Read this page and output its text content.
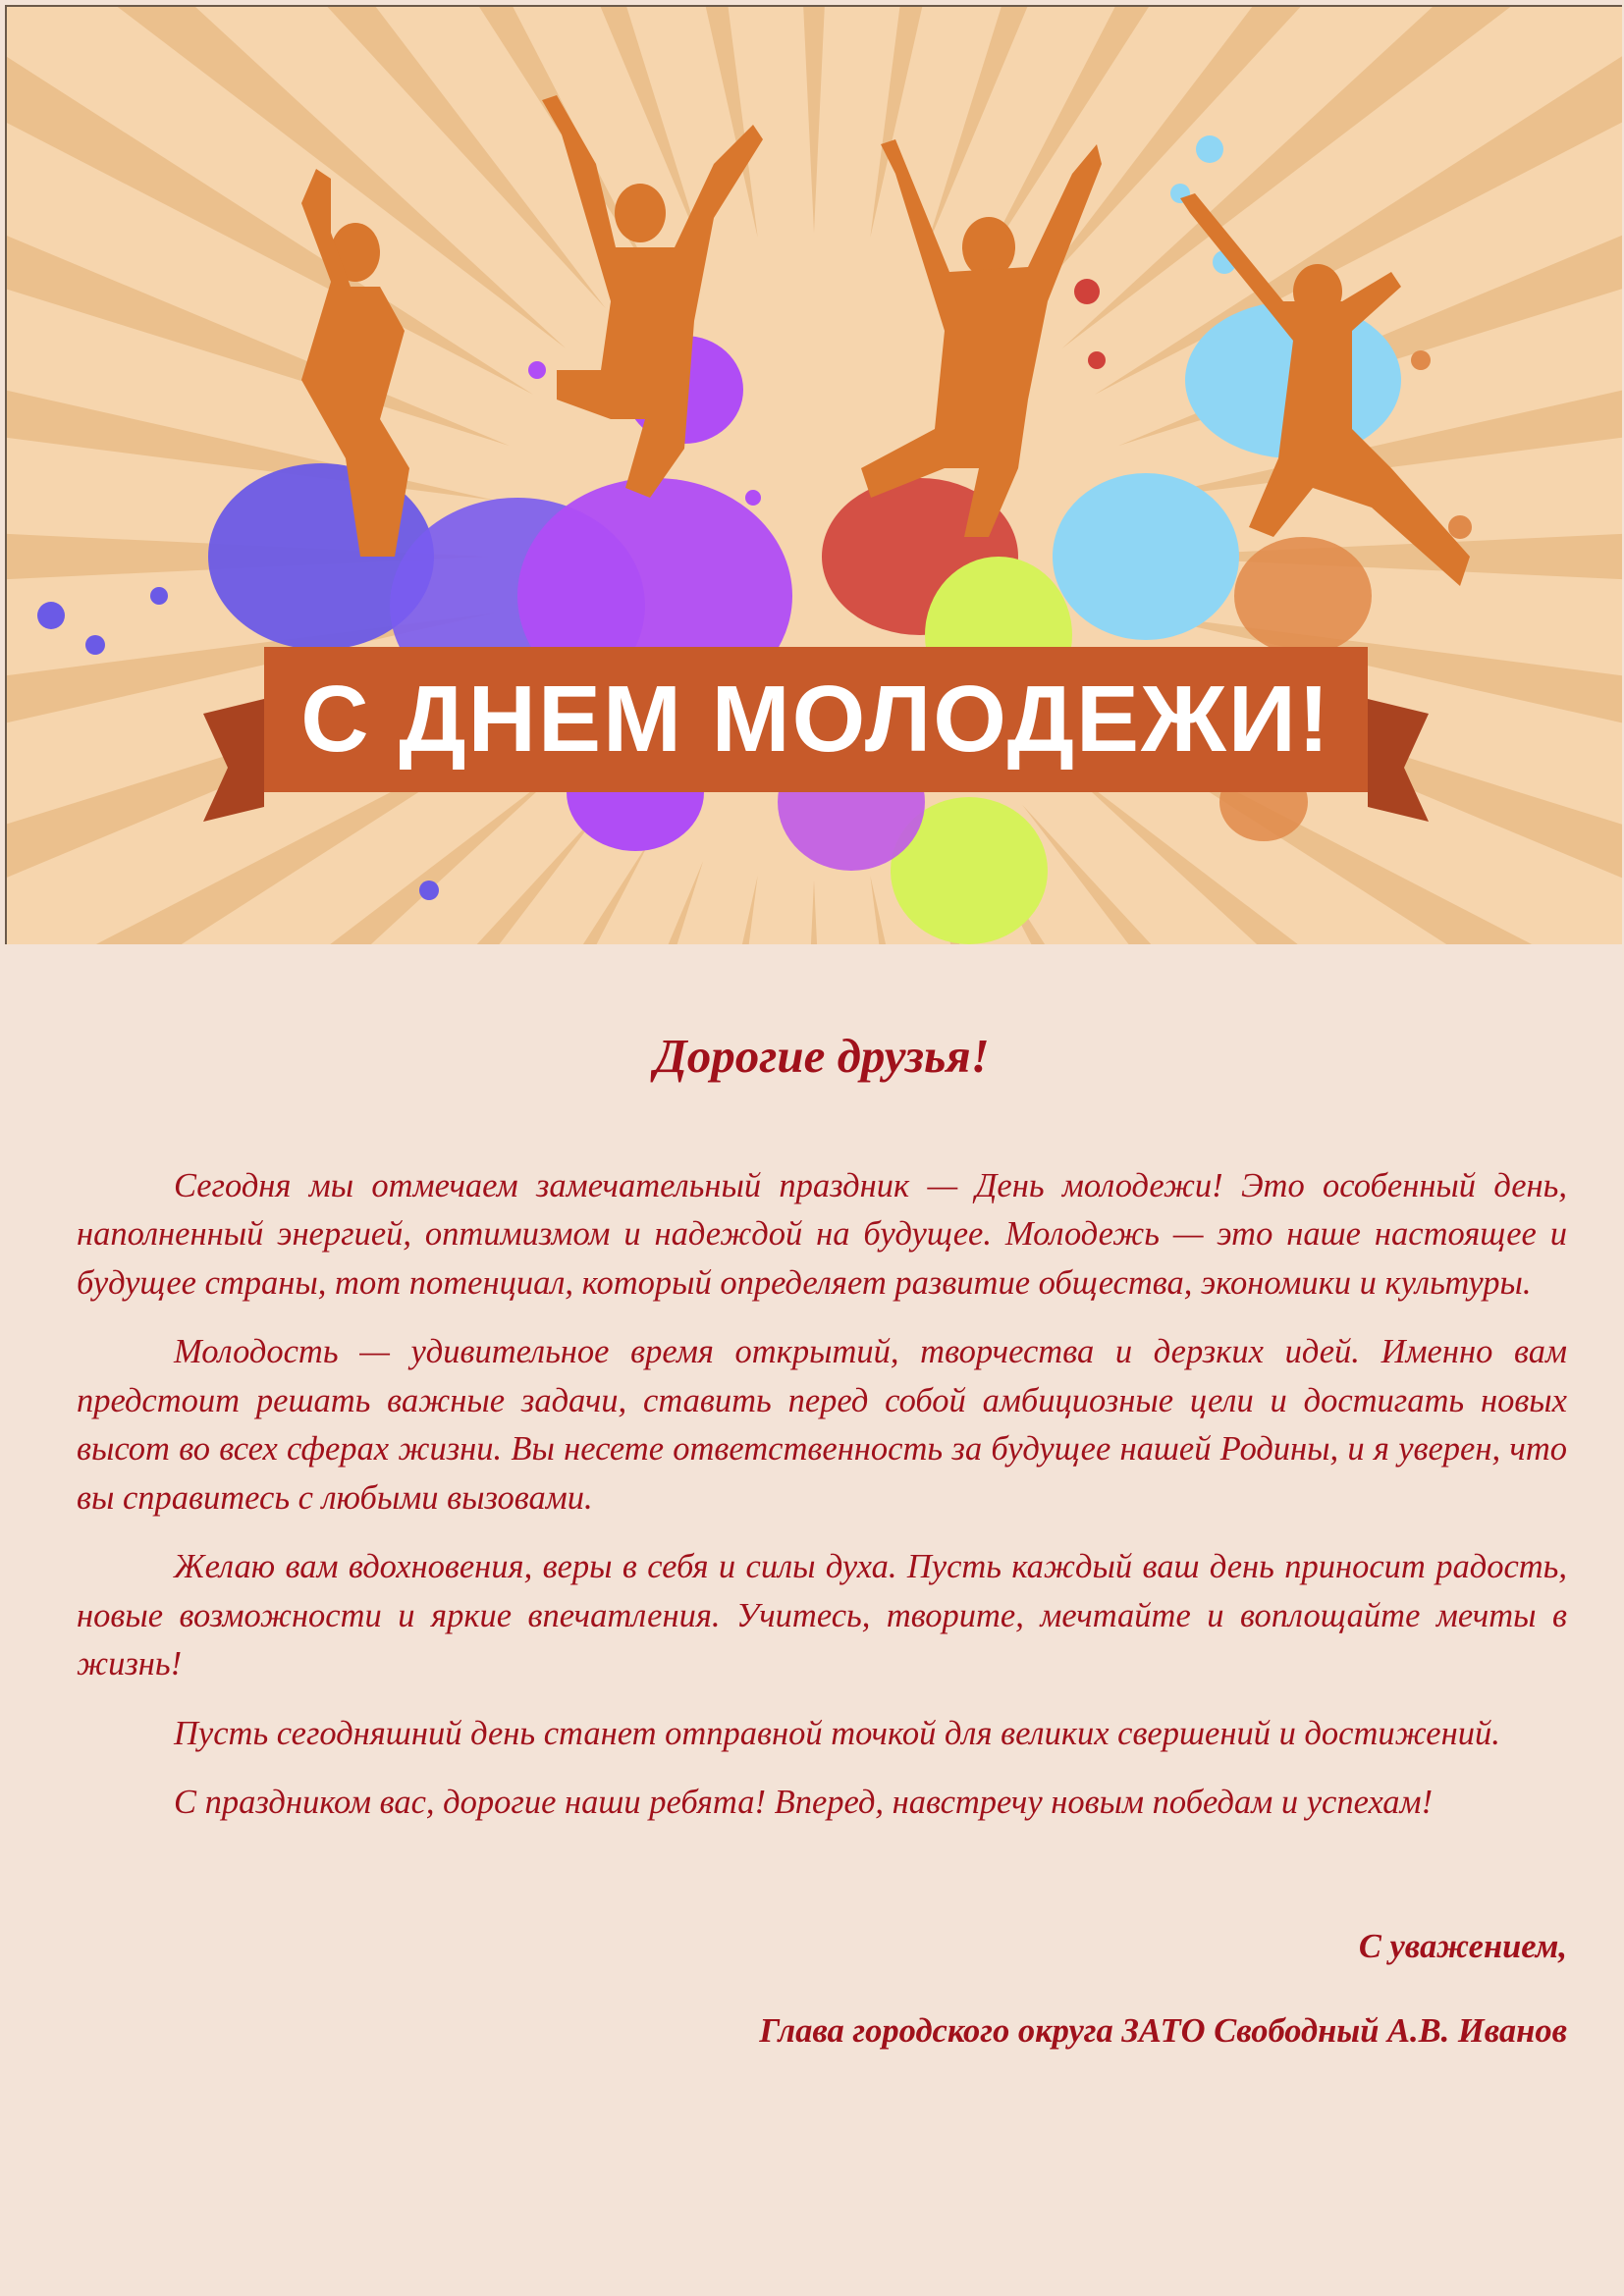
С ДНЕМ МОЛОДЕЖИ!
Дорогие друзья!

Сегодня мы отмечаем замечательный праздник — День молодежи! Это особенный день, наполненный энергией, оптимизмом и надеждой на будущее. Молодежь — это наше настоящее и будущее страны, тот потенциал, который определяет развитие общества, экономики и культуры.

Молодость — удивительное время открытий, творчества и дерзких идей. Именно вам предстоит решать важные задачи, ставить перед собой амбициозные цели и достигать новых высот во всех сферах жизни. Вы несете ответственность за будущее нашей Родины, и я уверен, что вы справитесь с любыми вызовами.

Желаю вам вдохновения, веры в себя и силы духа. Пусть каждый ваш день приносит радость, новые возможности и яркие впечатления. Учитесь, творите, мечтайте и воплощайте мечты в жизнь!

Пусть сегодняшний день станет отправной точкой для великих свершений и достижений.

С праздником вас, дорогие наши ребята! Вперед, навстречу новым победам и успехам!

С уважением,
Глава городского округа ЗАТО Свободный А.В. Иванов
